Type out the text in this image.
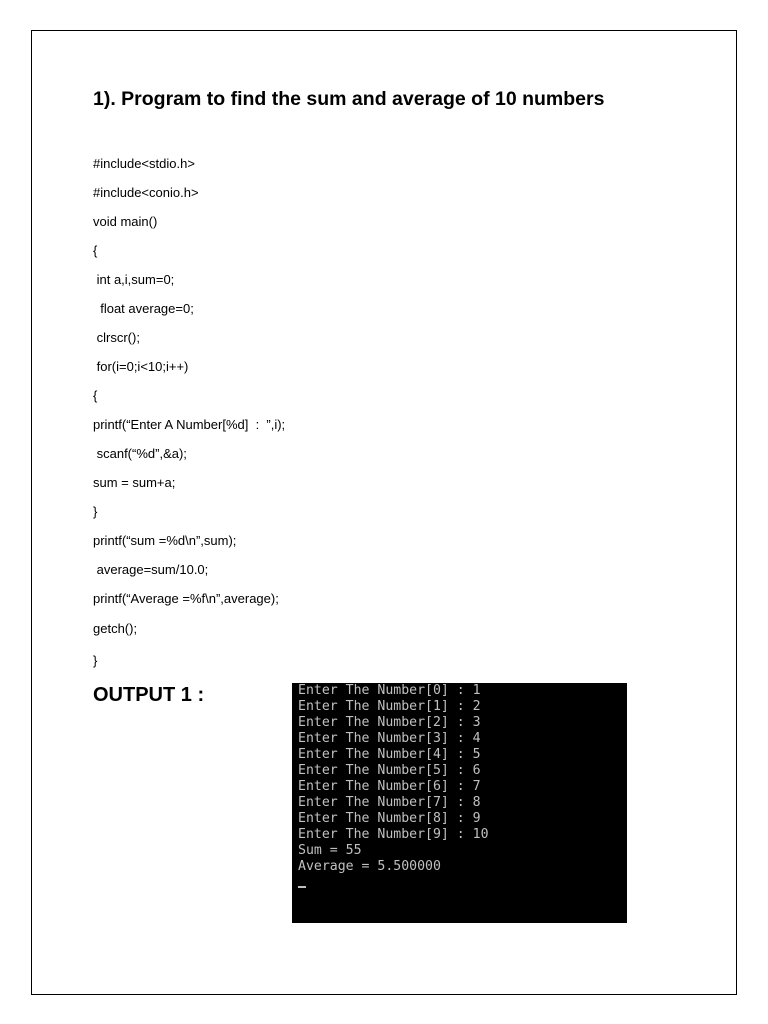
1). Program to find the sum and average of 10 numbers
#include<stdio.h>
#include<conio.h>
void main()
{
int a,i,sum=0;
float average=0;
clrscr();
for(i=0;i<10;i++)
{
printf(“Enter A Number[%d]  :  ”,i);
scanf(“%d”,&a);
sum = sum+a;
}
printf(“sum =%d\n”,sum);
average=sum/10.0;
printf(“Average =%f\n”,average);
getch();
}
OUTPUT 1 :	Enter The Number[0] : 1
Enter The Number[1] : 2
Enter The Number[2] : 3
Enter The Number[3] : 4
Enter The Number[4] : 5
Enter The Number[5] : 6
Enter The Number[6] : 7
Enter The Number[7] : 8
Enter The Number[8] : 9
Enter The Number[9] : 10
Sum = 55
Average = 5.500000
